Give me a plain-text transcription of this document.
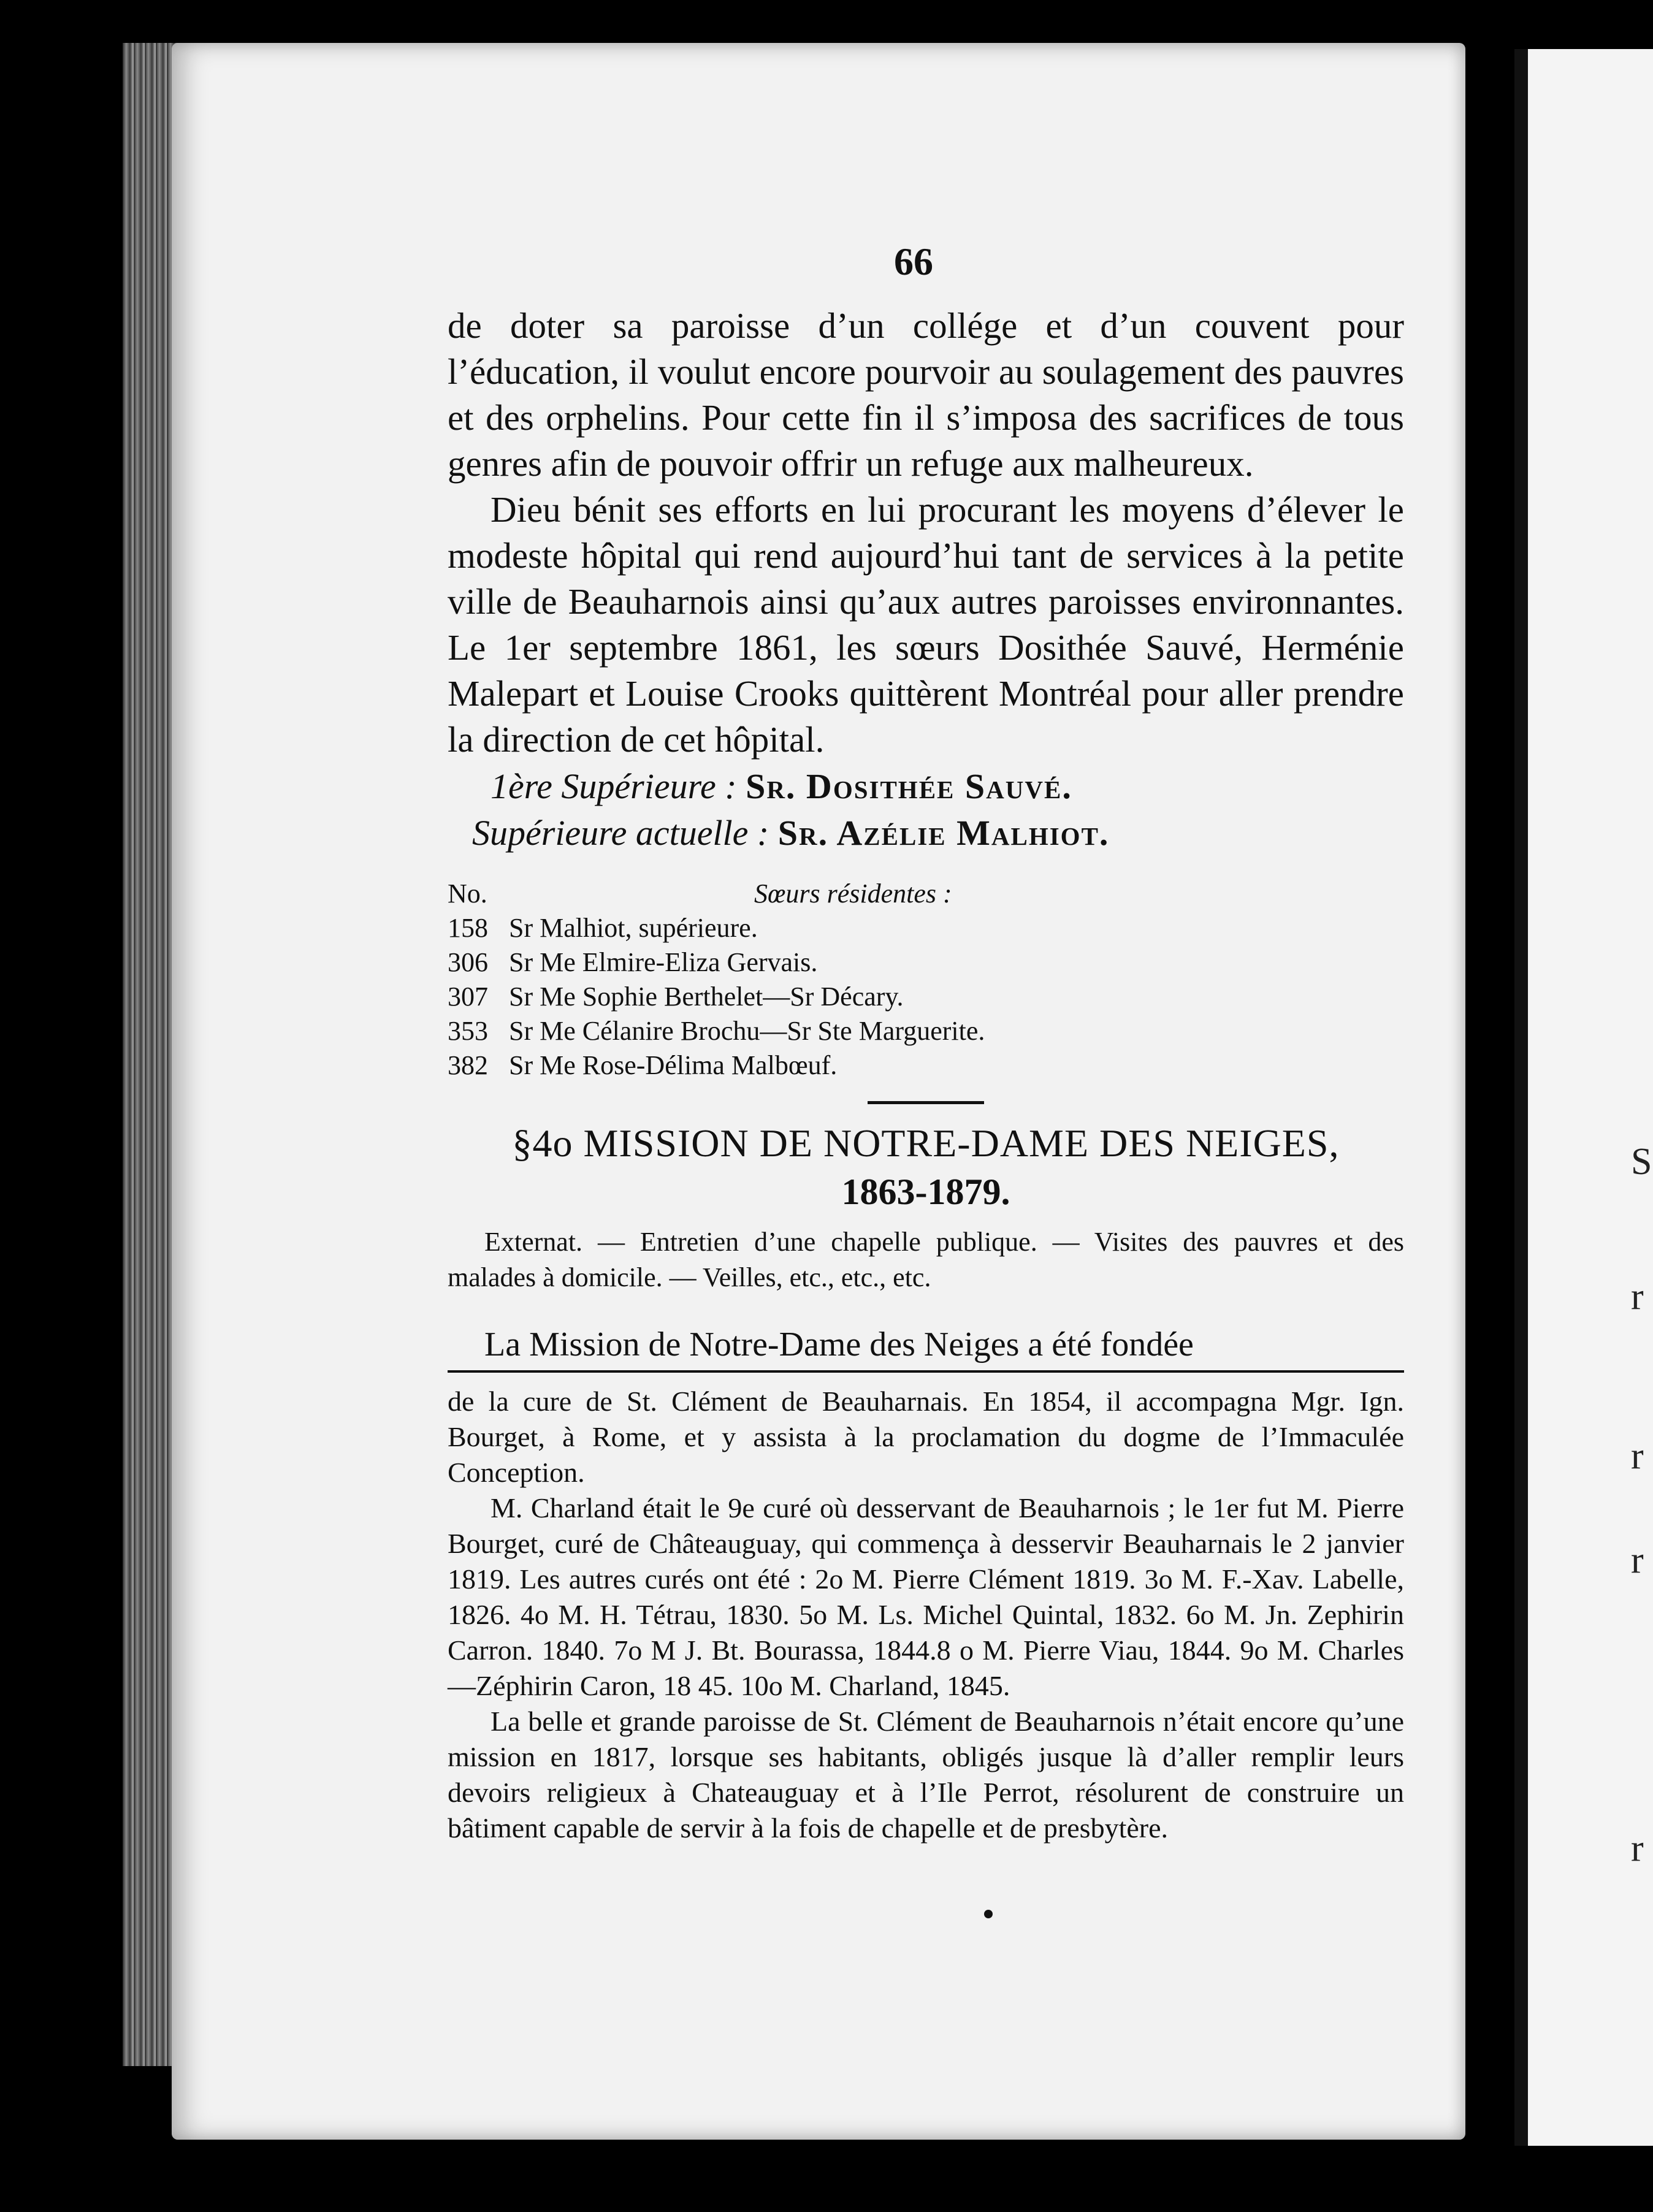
S
r
r
r
r
66

de doter sa paroisse d’un collége et d’un couvent pour l’éducation, il voulut encore pourvoir au soulagement des pauvres et des orphelins. Pour cette fin il s’imposa des sacrifices de tous genres afin de pouvoir offrir un refuge aux malheureux.

Dieu bénit ses efforts en lui procurant les moyens d’élever le modeste hôpital qui rend aujourd’hui tant de services à la petite ville de Beauharnois ainsi qu’aux autres paroisses environnantes. Le 1er septembre 1861, les sœurs Dosithée Sauvé, Herménie Malepart et Louise Crooks quittèrent Montréal pour aller prendre la direction de cet hôpital.

1ère Supérieure : Sr. Dosithée Sauvé.
Supérieure actuelle : Sr. Azélie Malhiot.
No.	Sœurs résidentes :
158 Sr Malhiot, supérieure.
306 Sr Me Elmire-Eliza Gervais.
307 Sr Me Sophie Berthelet—Sr Décary.
353 Sr Me Célanire Brochu—Sr Ste Marguerite.
382 Sr Me Rose-Délima Malbœuf.
§4o MISSION DE NOTRE-DAME DES NEIGES,
1863-1879.

Externat. — Entretien d’une chapelle publique. — Visites des pauvres et des malades à domicile. — Veilles, etc., etc., etc.

La Mission de Notre-Dame des Neiges a été fondée

de la cure de St. Clément de Beauharnais. En 1854, il accompagna Mgr. Ign. Bourget, à Rome, et y assista à la proclamation du dogme de l’Immaculée Conception.

M. Charland était le 9e curé où desservant de Beauharnois ; le 1er fut M. Pierre Bourget, curé de Châteauguay, qui commença à desservir Beauharnais le 2 janvier 1819. Les autres curés ont été : 2o M. Pierre Clément 1819. 3o M. F.-Xav. Labelle, 1826. 4o M. H. Tétrau, 1830. 5o M. Ls. Michel Quintal, 1832. 6o M. Jn. Zephirin Carron. 1840. 7o M J. Bt. Bourassa, 1844.8 o M. Pierre Viau, 1844. 9o M. Charles—Zéphirin Caron, 18 45. 10o M. Charland, 1845.

La belle et grande paroisse de St. Clément de Beauharnois n’était encore qu’une mission en 1817, lorsque ses habitants, obligés jusque là d’aller remplir leurs devoirs religieux à Chateauguay et à l’Ile Perrot, résolurent de construire un bâtiment capable de servir à la fois de chapelle et de presbytère.
